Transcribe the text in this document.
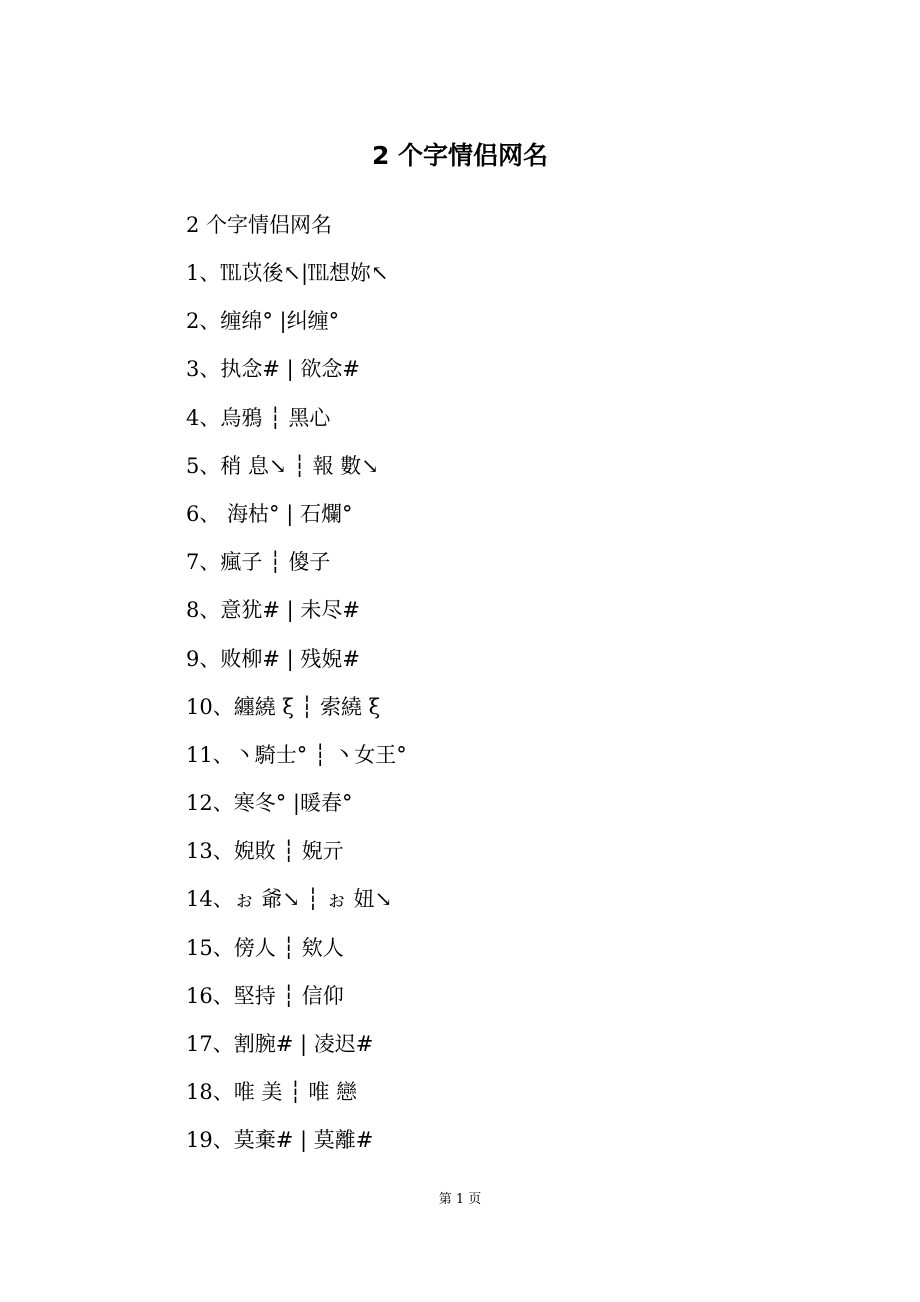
2 个字情侣网名

2 个字情侣网名

1、℡苡後↖|℡想妳↖
2、缠绵° |纠缠°
3、执念# | 欲念#
4、烏鴉 ┆ 黑心
5、稍 息↘ ┆ 報 數↘
6、 海枯° | 石爛°
7、瘋子 ┆ 傻子
8、意犹# | 未尽#
9、败柳# | 残婗#
10、纏繞 ξ ┆ 索繞 ξ
11、丶騎士° ┆ 丶女王°
12、寒冬° |暖春°
13、婗敗 ┆ 婗亓
14、ぉ 爺↘ ┆ ぉ 妞↘
15、傍人 ┆ 欸人
16、堅持 ┆ 信仰
17、割腕# | 凌迟#
18、唯 美 ┆ 唯 戀
19、莫棄# | 莫離#
第 1 页
